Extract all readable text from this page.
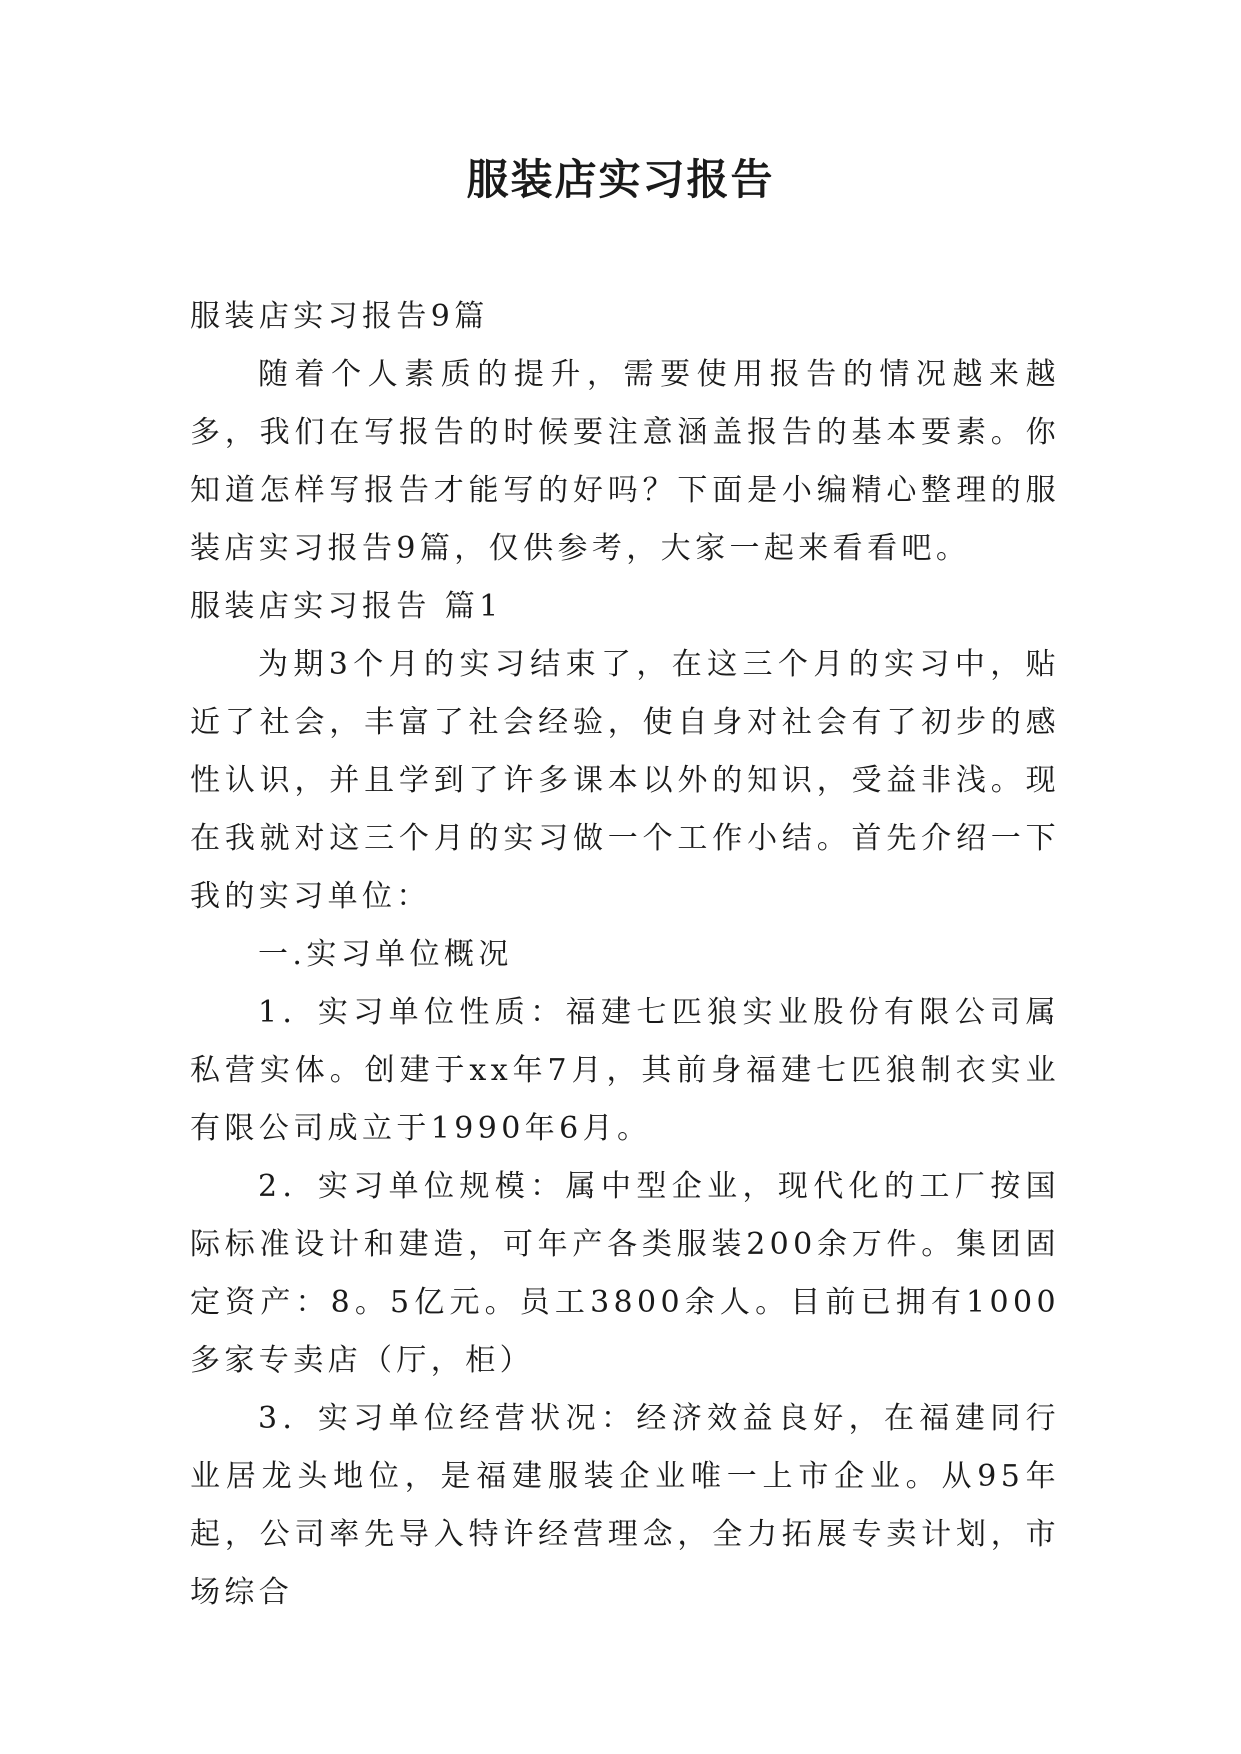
服装店实习报告

服装店实习报告9篇

随着个人素质的提升，需要使用报告的情况越来越多，我们在写报告的时候要注意涵盖报告的基本要素。你知道怎样写报告才能写的好吗？下面是小编精心整理的服装店实习报告9篇，仅供参考，大家一起来看看吧。

服装店实习报告 篇1

为期3个月的实习结束了，在这三个月的实习中，贴近了社会，丰富了社会经验，使自身对社会有了初步的感性认识，并且学到了许多课本以外的知识，受益非浅。现在我就对这三个月的实习做一个工作小结。首先介绍一下我的实习单位：

一.实习单位概况

1．实习单位性质：福建七匹狼实业股份有限公司属私营实体。创建于xx年7月，其前身福建七匹狼制衣实业有限公司成立于1990年6月。

2．实习单位规模：属中型企业，现代化的工厂按国际标准设计和建造，可年产各类服装200余万件。集团固定资产：8。5亿元。员工3800余人。目前已拥有1000多家专卖店（厅，柜）

3．实习单位经营状况：经济效益良好，在福建同行业居龙头地位，是福建服装企业唯一上市企业。从95年起，公司率先导入特许经营理念，全力拓展专卖计划，市场综合
